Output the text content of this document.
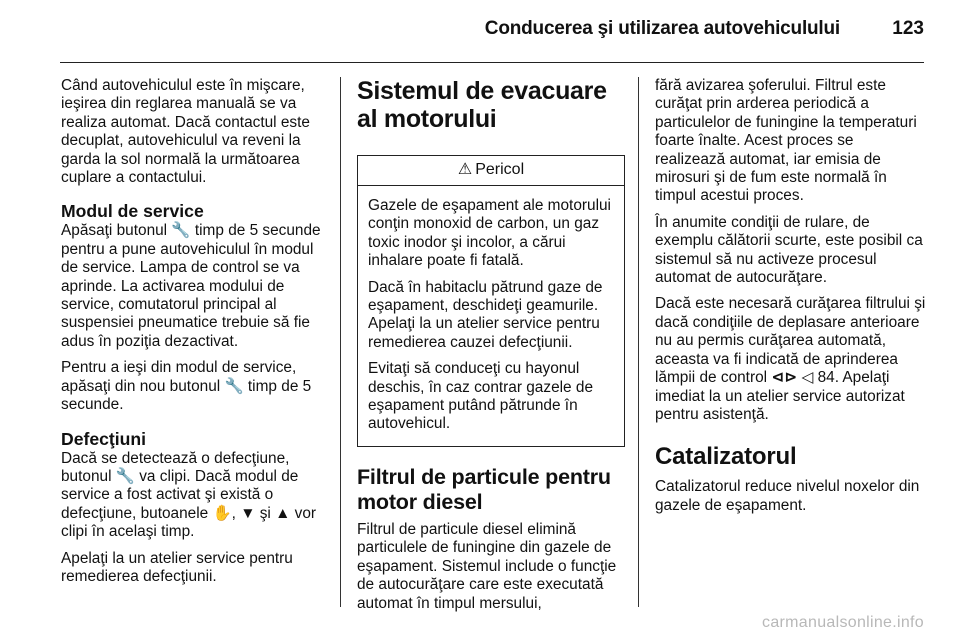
Conducerea şi utilizarea autovehiculului	123

Când autovehiculul este în mişcare, ieşirea din reglarea manuală se va realiza automat. Dacă contactul este decuplat, autovehiculul va reveni la garda la sol normală la următoarea cuplare a contactului.

Modul de service

Apăsaţi butonul 🔧 timp de 5 secunde pentru a pune autovehiculul în modul de service. Lampa de control se va aprinde. La activarea modului de service, comutatorul principal al suspensiei pneumatice trebuie să fie adus în poziţia dezactivat.

Pentru a ieşi din modul de service, apăsaţi din nou butonul 🔧 timp de 5 secunde.

Defecţiuni

Dacă se detectează o defecţiune, butonul 🔧 va clipi. Dacă modul de service a fost activat şi există o defecţiune, butoanele ✋, ▼ şi ▲ vor clipi în acelaşi timp.

Apelaţi la un atelier service pentru remedierea defecţiunii.

Sistemul de evacuare al motorului
⚠ Pericol

Gazele de eşapament ale motorului conţin monoxid de carbon, un gaz toxic inodor şi incolor, a cărui inhalare poate fi fatală.

Dacă în habitaclu pătrund gaze de eşapament, deschideţi geamurile. Apelaţi la un atelier service pentru remedierea cauzei defecţiunii.

Evitaţi să conduceţi cu hayonul deschis, în caz contrar gazele de eşapament putând pătrunde în autovehicul.

Filtrul de particule pentru motor diesel

Filtrul de particule diesel elimină particulele de funingine din gazele de eşapament. Sistemul include o funcţie de autocurăţare care este executată automat în timpul mersului,

fără avizarea şoferului. Filtrul este curăţat prin arderea periodică a particulelor de funingine la temperaturi foarte înalte. Acest proces se realizează automat, iar emisia de mirosuri şi de fum este normală în timpul acestui proces.

În anumite condiţii de rulare, de exemplu călătorii scurte, este posibil ca sistemul să nu activeze procesul automat de autocurăţare.

Dacă este necesară curăţarea filtrului şi dacă condiţiile de deplasare anterioare nu au permis curăţarea automată, aceasta va fi indicată de aprinderea lămpii de control ⊲⊳ ◁ 84. Apelaţi imediat la un atelier service autorizat pentru asistenţă.

Catalizatorul

Catalizatorul reduce nivelul noxelor din gazele de eşapament.

carmanualsonline.info
